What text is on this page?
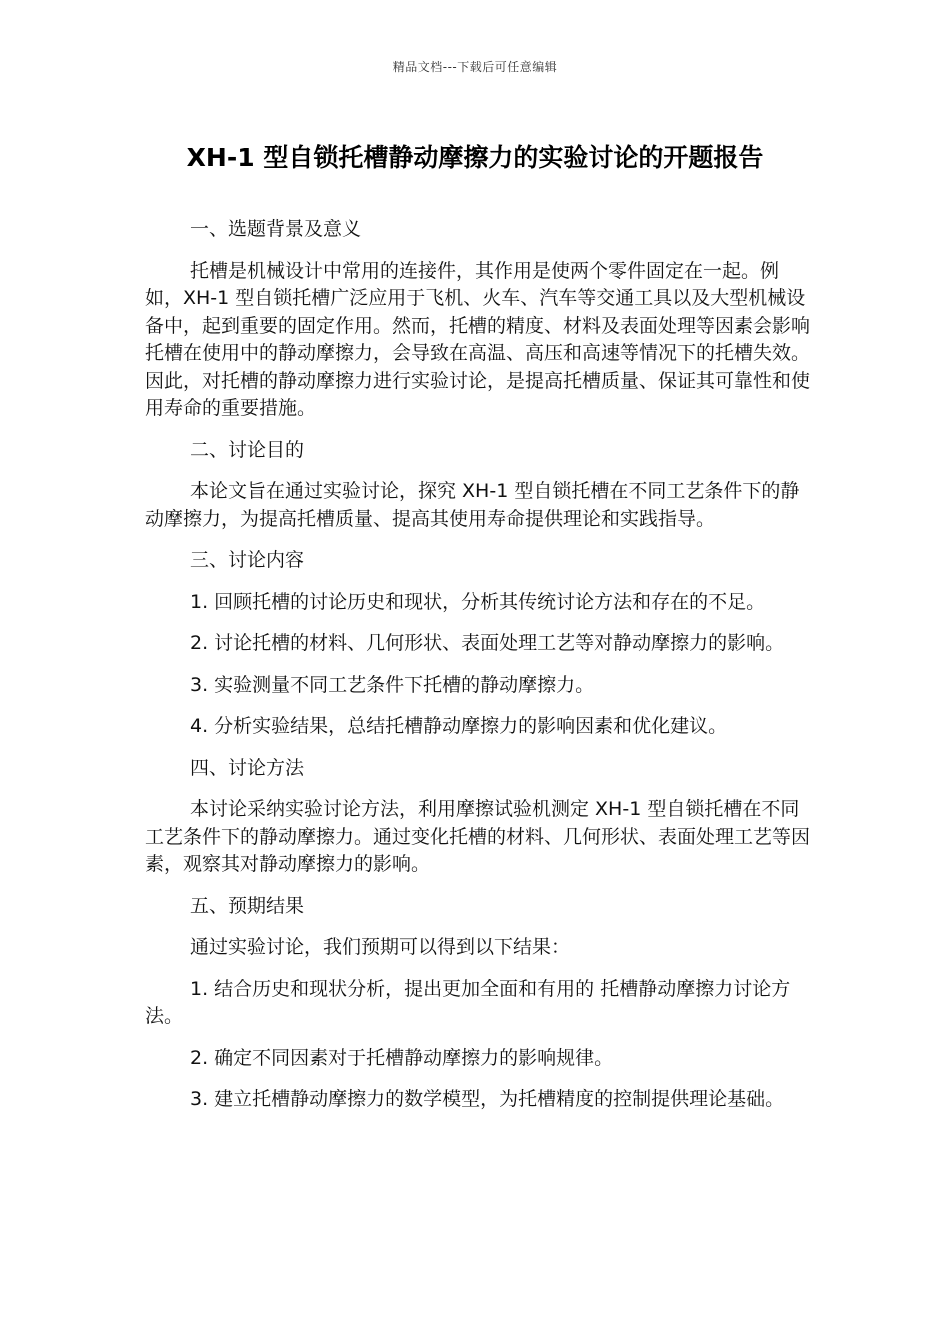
精品文档---下载后可任意编辑
XH-1 型自锁托槽静动摩擦力的实验讨论的开题报告

一、选题背景及意义

托槽是机械设计中常用的连接件，其作用是使两个零件固定在一起。例如，XH-1 型自锁托槽广泛应用于飞机、火车、汽车等交通工具以及大型机械设备中，起到重要的固定作用。然而，托槽的精度、材料及表面处理等因素会影响托槽在使用中的静动摩擦力，会导致在高温、高压和高速等情况下的托槽失效。因此，对托槽的静动摩擦力进行实验讨论，是提高托槽质量、保证其可靠性和使用寿命的重要措施。

二、讨论目的

本论文旨在通过实验讨论，探究 XH-1 型自锁托槽在不同工艺条件下的静动摩擦力，为提高托槽质量、提高其使用寿命提供理论和实践指导。

三、讨论内容

1. 回顾托槽的讨论历史和现状，分析其传统讨论方法和存在的不足。

2. 讨论托槽的材料、几何形状、表面处理工艺等对静动摩擦力的影响。

3. 实验测量不同工艺条件下托槽的静动摩擦力。

4. 分析实验结果，总结托槽静动摩擦力的影响因素和优化建议。

四、讨论方法

本讨论采纳实验讨论方法，利用摩擦试验机测定 XH-1 型自锁托槽在不同工艺条件下的静动摩擦力。通过变化托槽的材料、几何形状、表面处理工艺等因素，观察其对静动摩擦力的影响。

五、预期结果

通过实验讨论，我们预期可以得到以下结果：

1. 结合历史和现状分析，提出更加全面和有用的 托槽静动摩擦力讨论方法。

2. 确定不同因素对于托槽静动摩擦力的影响规律。

3. 建立托槽静动摩擦力的数学模型，为托槽精度的控制提供理论基础。
